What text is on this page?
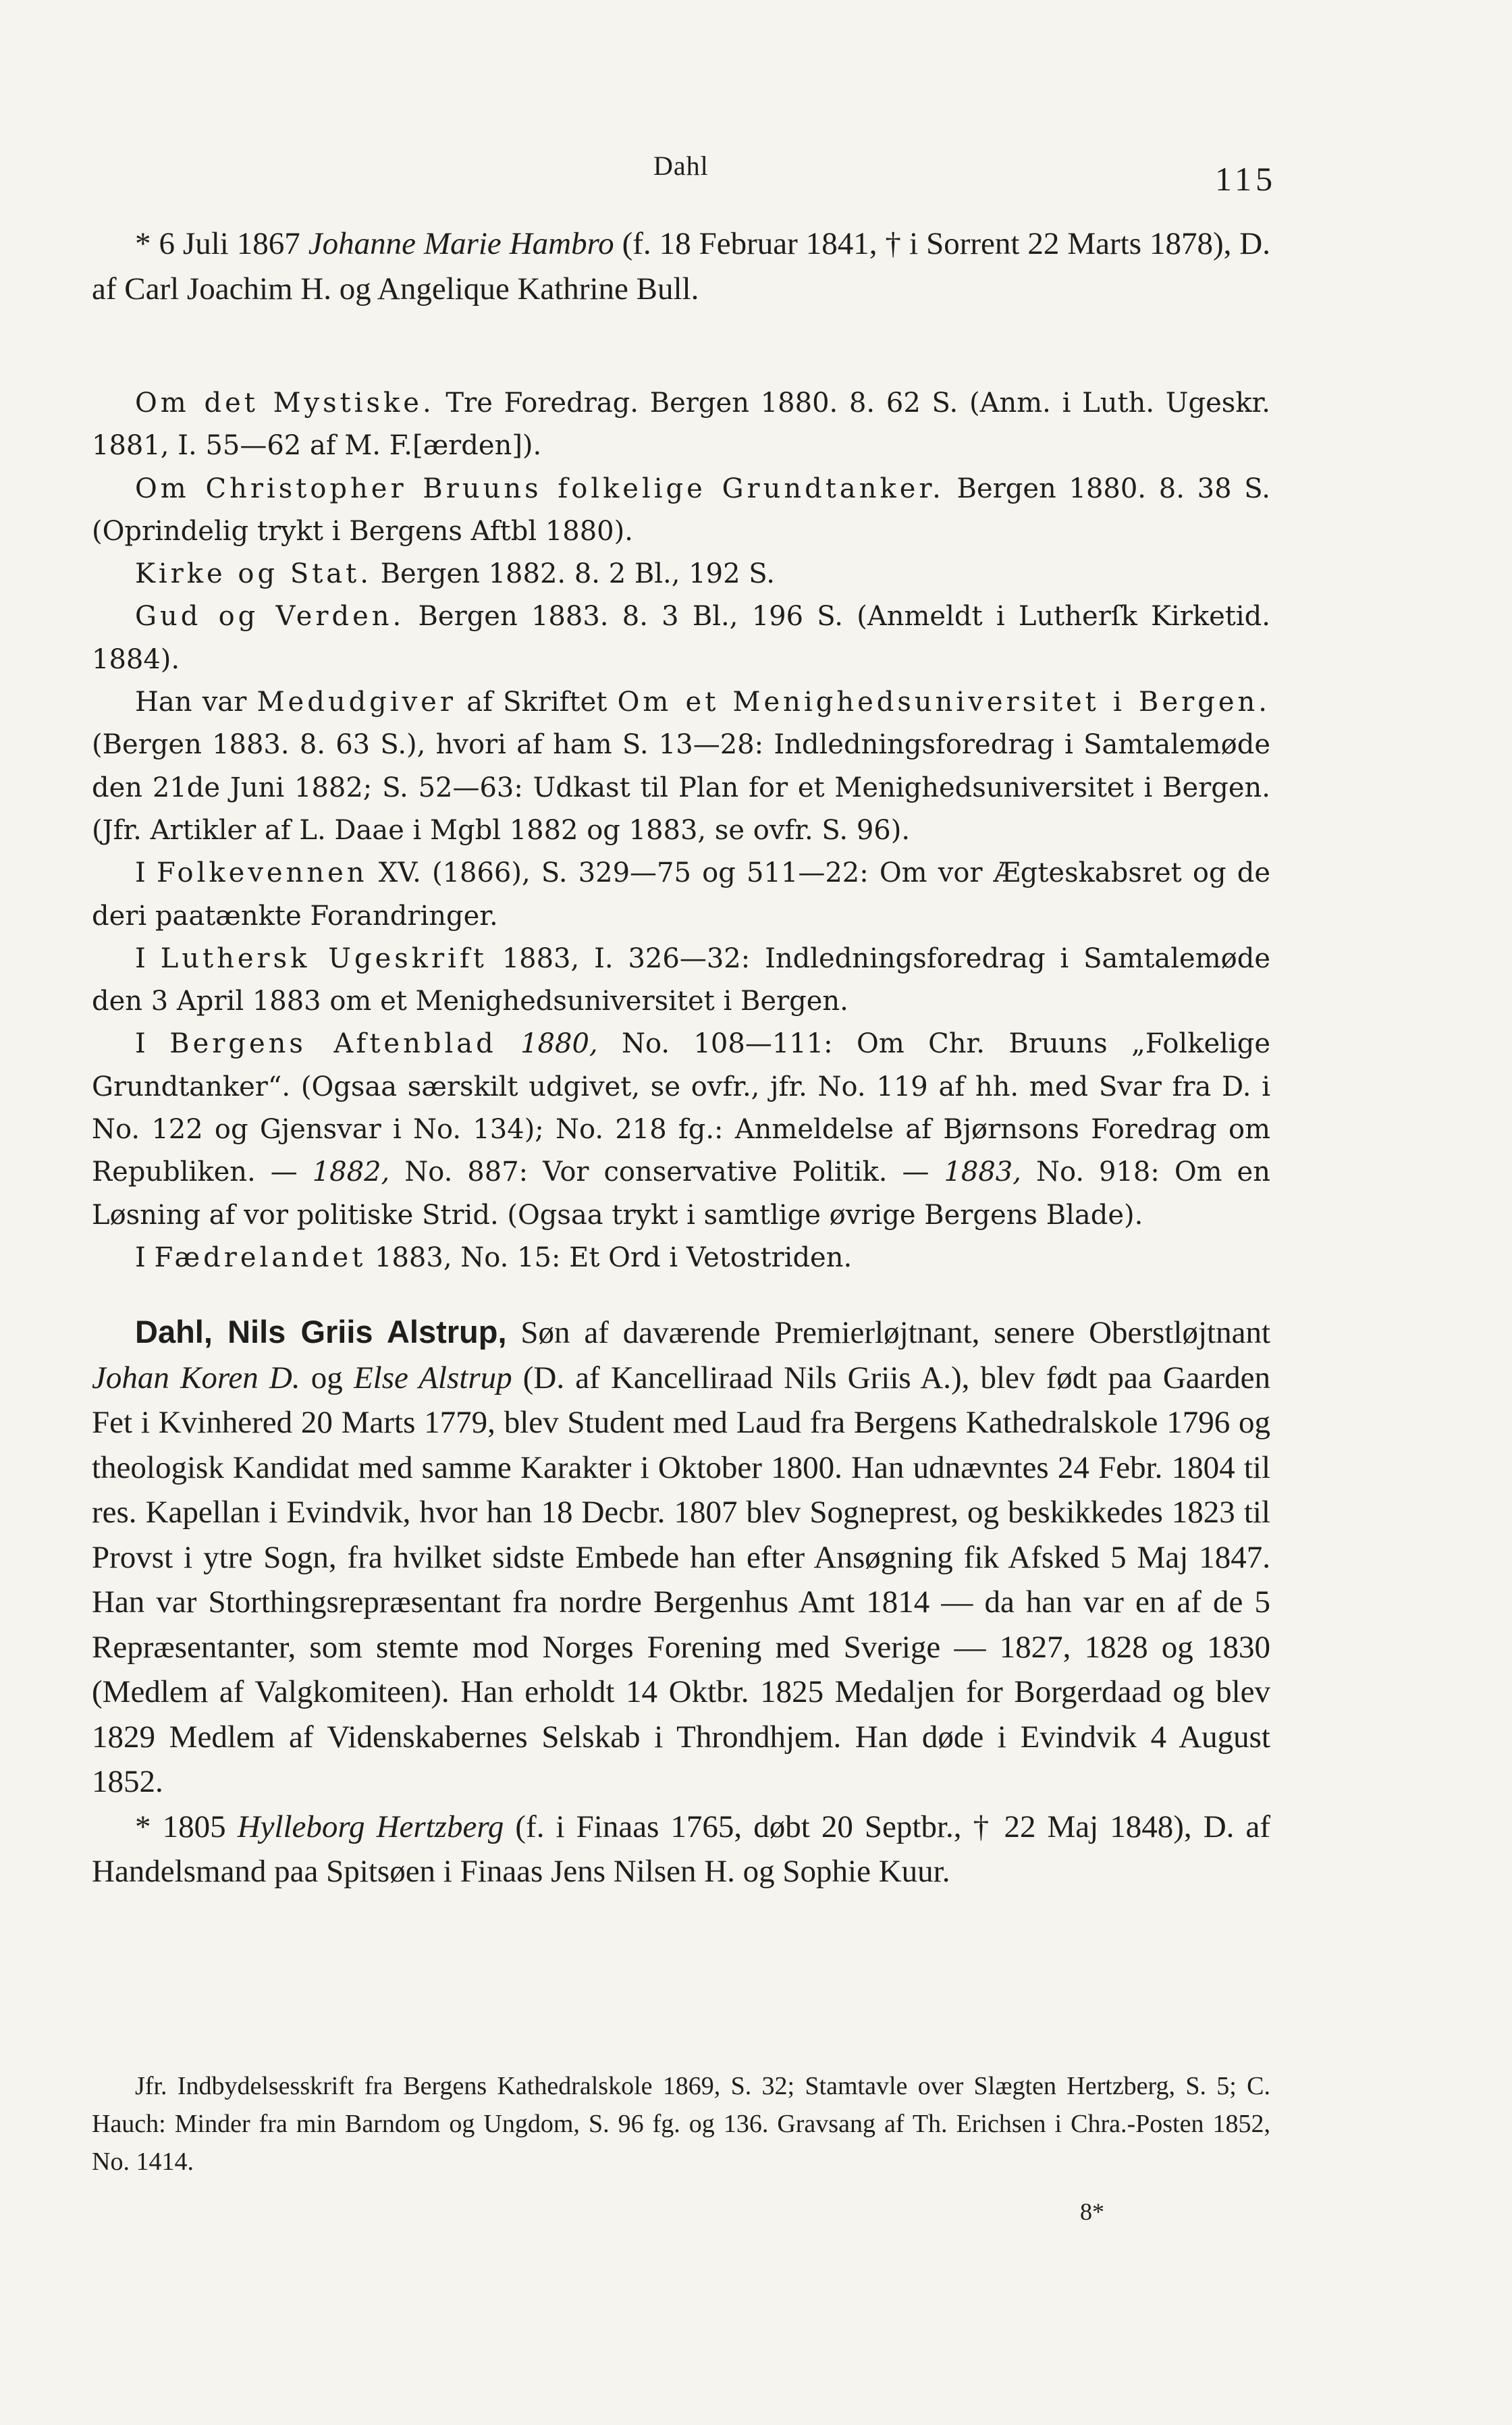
Dahl	115

* 6 Juli 1867 Johanne Marie Hambro (f. 18 Februar 1841, † i Sorrent 22 Marts 1878), D. af Carl Joachim H. og Angelique Kathrine Bull.

Om det Mystiske. Tre Foredrag. Bergen 1880. 8. 62 S. (Anm. i Luth. Ugeskr. 1881, I. 55—62 af M. F.[ærden]).

Om Christopher Bruuns folkelige Grundtanker. Bergen 1880. 8. 38 S. (Oprindelig trykt i Bergens Aftbl 1880).

Kirke og Stat. Bergen 1882. 8. 2 Bl., 192 S.

Gud og Verden. Bergen 1883. 8. 3 Bl., 196 S. (Anmeldt i Lutherſk Kirketid. 1884).

Han var Medudgiver af Skriftet Om et Menighedsuniversitet i Bergen. (Bergen 1883. 8. 63 S.), hvori af ham S. 13—28: Indledningsforedrag i Samtalemøde den 21de Juni 1882; S. 52—63: Udkast til Plan for et Menighedsuniversitet i Bergen. (Jfr. Artikler af L. Daae i Mgbl 1882 og 1883, se ovfr. S. 96).

I Folkevennen XV. (1866), S. 329—75 og 511—22: Om vor Ægteskabsret og de deri paatænkte Forandringer.

I Luthersk Ugeskrift 1883, I. 326—32: Indledningsforedrag i Samtalemøde den 3 April 1883 om et Menighedsuniversitet i Bergen.

I Bergens Aftenblad 1880, No. 108—111: Om Chr. Bruuns „Folkelige Grundtanker“. (Ogsaa særskilt udgivet, se ovfr., jfr. No. 119 af hh. med Svar fra D. i No. 122 og Gjensvar i No. 134); No. 218 fg.: Anmeldelse af Bjørnsons Foredrag om Republiken. — 1882, No. 887: Vor conservative Politik. — 1883, No. 918: Om en Løsning af vor politiske Strid. (Ogsaa trykt i samtlige øvrige Bergens Blade).

I Fædrelandet 1883, No. 15: Et Ord i Vetostriden.

Dahl, Nils Griis Alstrup, Søn af daværende Premierløjtnant, senere Oberstløjtnant Johan Koren D. og Else Alstrup (D. af Kancelliraad Nils Griis A.), blev født paa Gaarden Fet i Kvinhered 20 Marts 1779, blev Student med Laud fra Bergens Kathedralskole 1796 og theologisk Kandidat med samme Karakter i Oktober 1800. Han udnævntes 24 Febr. 1804 til res. Kapellan i Evindvik, hvor han 18 Decbr. 1807 blev Sogneprest, og beskikkedes 1823 til Provst i ytre Sogn, fra hvilket sidste Embede han efter Ansøgning fik Afsked 5 Maj 1847. Han var Storthingsrepræsentant fra nordre Bergenhus Amt 1814 — da han var en af de 5 Repræsentanter, som stemte mod Norges Forening med Sverige — 1827, 1828 og 1830 (Medlem af Valgkomiteen). Han erholdt 14 Oktbr. 1825 Medaljen for Borgerdaad og blev 1829 Medlem af Videnskabernes Selskab i Throndhjem. Han døde i Evindvik 4 August 1852.

* 1805 Hylleborg Hertzberg (f. i Finaas 1765, døbt 20 Septbr., † 22 Maj 1848), D. af Handelsmand paa Spitsøen i Finaas Jens Nilsen H. og Sophie Kuur.

Jfr. Indbydelsesskrift fra Bergens Kathedralskole 1869, S. 32; Stamtavle over Slægten Hertzberg, S. 5; C. Hauch: Minder fra min Barndom og Ungdom, S. 96 fg. og 136. Gravsang af Th. Erichsen i Chra.-Posten 1852, No. 1414.

8*
